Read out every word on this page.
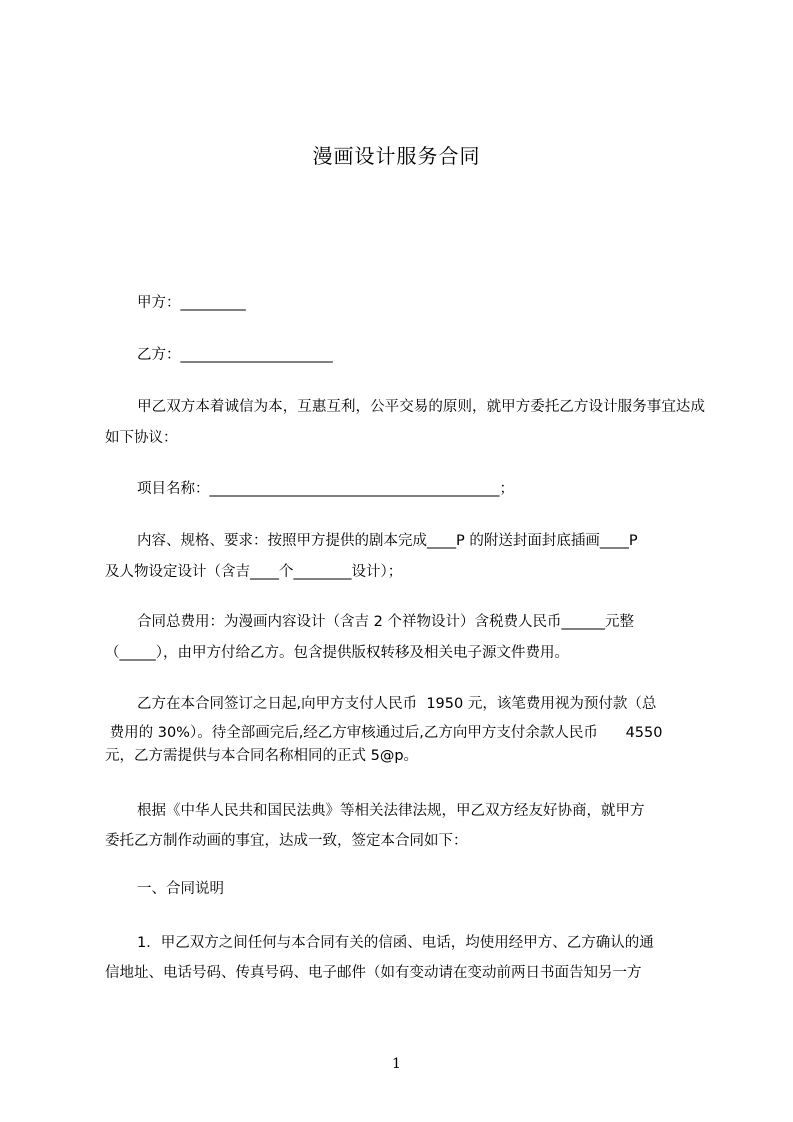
漫画设计服务合同
甲方：_________
乙方：_____________________
甲乙双方本着诚信为本，互惠互利，公平交易的原则，就甲方委托乙方设计服务事宜达成如下协议：
项目名称：________________________________________；
内容、规格、要求：按照甲方提供的剧本完成____P 的附送封面封底插画____P
及人物设定设计（含吉____个________设计）；
合同总费用：为漫画内容设计（含吉 2 个祥物设计）含税费人民币______元整
（_____），由甲方付给乙方。包含提供版权转移及相关电子源文件费用。
乙方在本合同签订之日起,向甲方支付人民币  1950 元，该笔费用视为预付款（总
费用的 30%）。待全部画完后,经乙方审核通过后,乙方向甲方支付余款人民币      4550
元，乙方需提供与本合同名称相同的正式 5@p。
根据《中华人民共和国民法典》等相关法律法规，甲乙双方经友好协商，就甲方
委托乙方制作动画的事宜，达成一致，签定本合同如下：
一、合同说明
1．甲乙双方之间任何与本合同有关的信函、电话，均使用经甲方、乙方确认的通
信地址、电话号码、传真号码、电子邮件（如有变动请在变动前两日书面告知另一方
1
